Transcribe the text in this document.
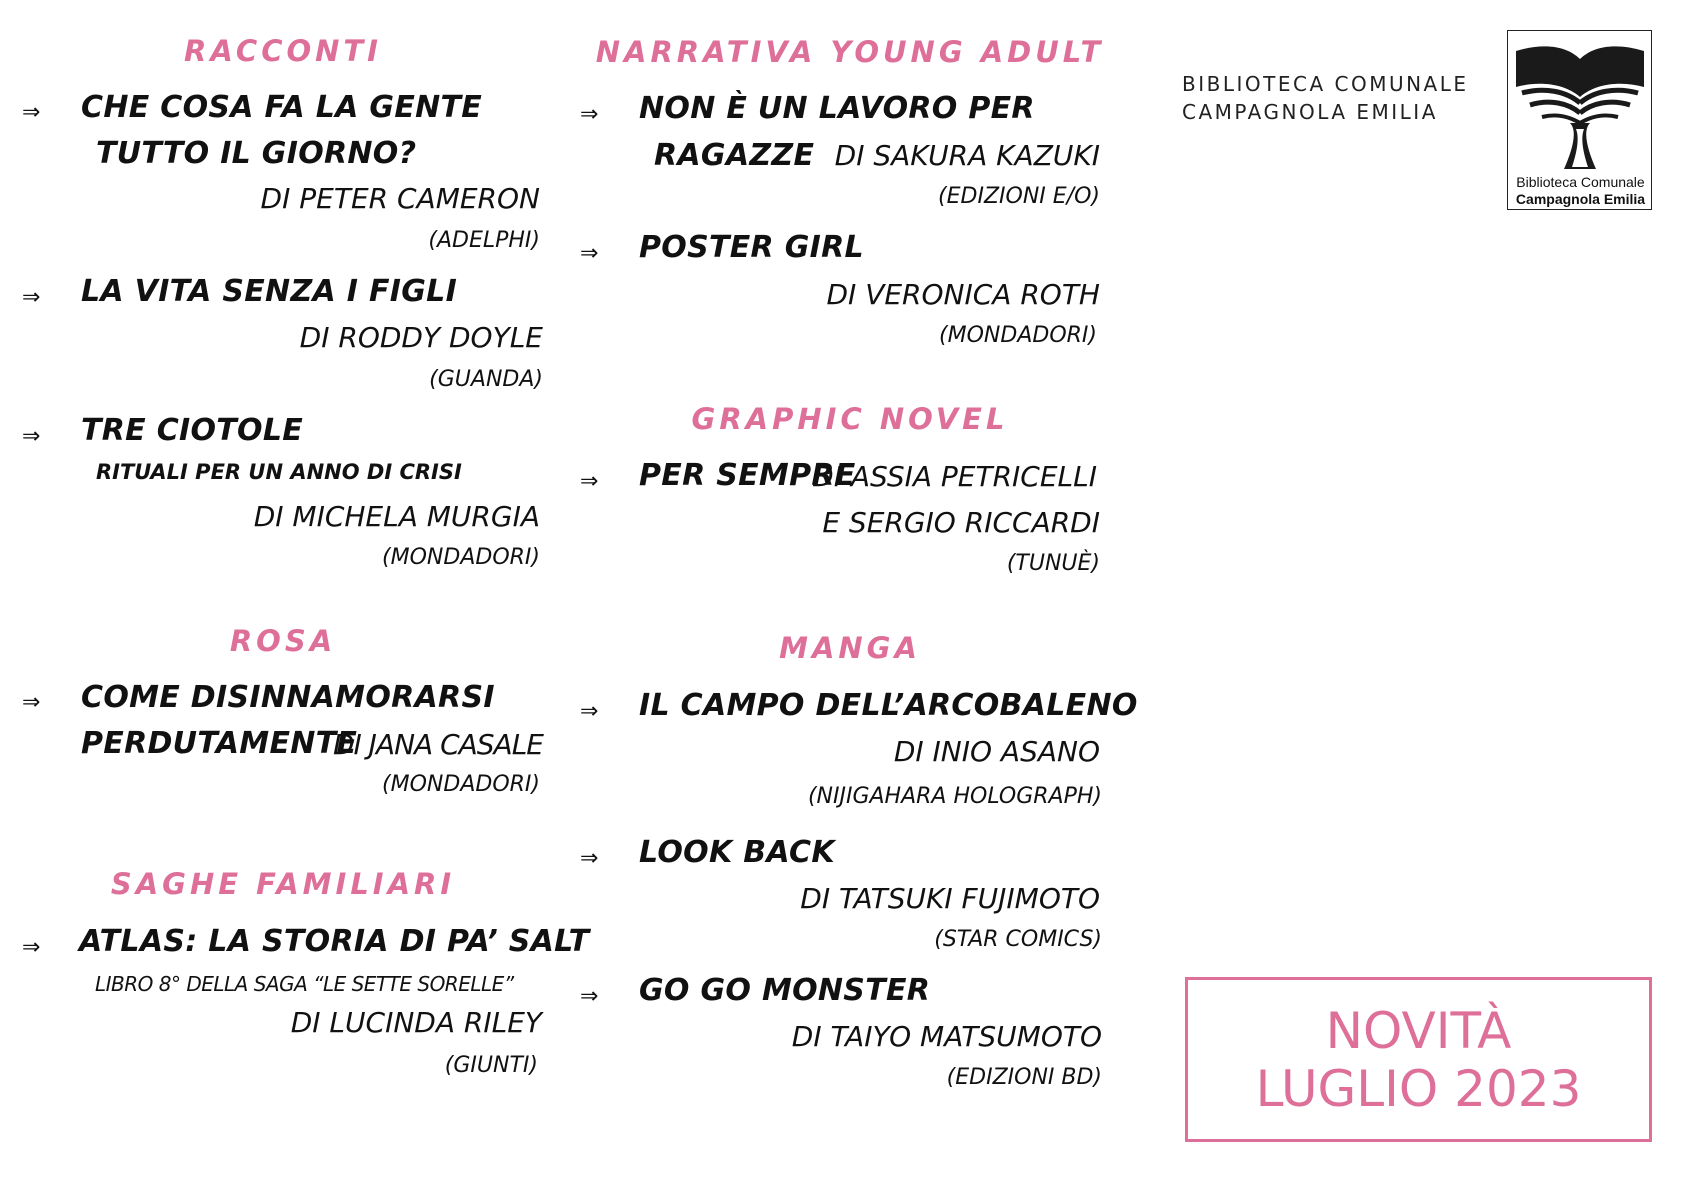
RACCONTI
⇒ CHE COSA FA LA GENTE
TUTTO IL GIORNO?
DI PETER CAMERON
(ADELPHI)
⇒ LA VITA SENZA I FIGLI
DI RODDY DOYLE
(GUANDA)
⇒ TRE CIOTOLE
RITUALI PER UN ANNO DI CRISI
DI MICHELA MURGIA
(MONDADORI)
ROSA
⇒ COME DISINNAMORARSI
PERDUTAMENTE
DI JANA CASALE
(MONDADORI)
SAGHE FAMILIARI
⇒ ATLAS: LA STORIA DI PA’ SALT
LIBRO 8° DELLA SAGA “LE SETTE SORELLE”
DI LUCINDA RILEY
(GIUNTI)
NARRATIVA YOUNG ADULT
⇒ NON È UN LAVORO PER
RAGAZZE DI SAKURA KAZUKI
(EDIZIONI E/O)
⇒ POSTER GIRL
DI VERONICA ROTH
(MONDADORI)
GRAPHIC NOVEL
⇒ PER SEMPRE
DI ASSIA PETRICELLI
E SERGIO RICCARDI
(TUNUÈ)
MANGA
⇒ IL CAMPO DELL’ARCOBALENO
DI INIO ASANO
(NIJIGAHARA HOLOGRAPH)
⇒ LOOK BACK
DI TATSUKI FUJIMOTO
(STAR COMICS)
⇒ GO GO MONSTER
DI TAIYO MATSUMOTO
(EDIZIONI BD)
BIBLIOTECA COMUNALE
CAMPAGNOLA EMILIA
Biblioteca Comunale
Campagnola Emilia
NOVITÀ
LUGLIO 2023
